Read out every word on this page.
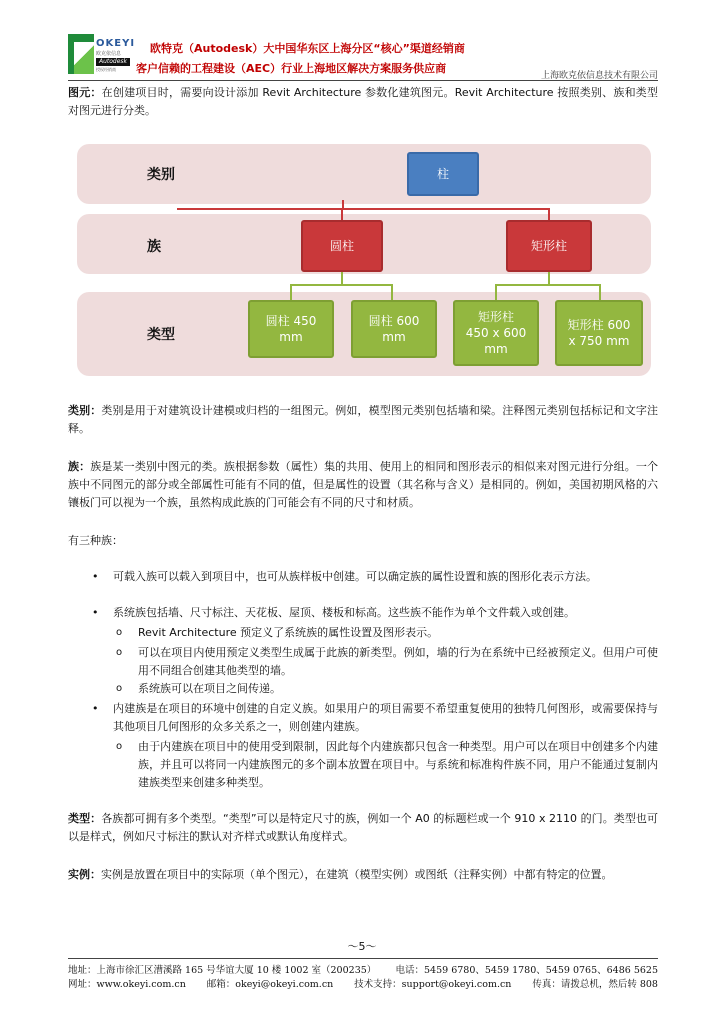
OKEYI
欧克依信息
Autodesk
授权经销商
欧特克（Autodesk）大中国华东区上海分区“核心”渠道经销商
客户信赖的工程建设（AEC）行业上海地区解决方案服务供应商
上海欧克依信息技术有限公司
图元：在创建项目时，需要向设计添加 Revit Architecture 参数化建筑图元。Revit Architecture 按照类别、族和类型对图元进行分类。
类别
族
类型
柱
圆柱	矩形柱
圆柱 450 mm
圆柱 600 mm
矩形柱 450 x 600 mm
矩形柱 600 x 750 mm
类别：类别是用于对建筑设计建模或归档的一组图元。例如，模型图元类别包括墙和梁。注释图元类别包括标记和文字注释。
族：族是某一类别中图元的类。族根据参数（属性）集的共用、使用上的相同和图形表示的相似来对图元进行分组。一个族中不同图元的部分或全部属性可能有不同的值，但是属性的设置（其名称与含义）是相同的。例如，美国初期风格的六镶板门可以视为一个族，虽然构成此族的门可能会有不同的尺寸和材质。
有三种族：
•	可载入族可以载入到项目中，也可从族样板中创建。可以确定族的属性设置和族的图形化表示方法。
•	系统族包括墙、尺寸标注、天花板、屋顶、楼板和标高。这些族不能作为单个文件载入或创建。
o	Revit Architecture 预定义了系统族的属性设置及图形表示。
o	可以在项目内使用预定义类型生成属于此族的新类型。例如，墙的行为在系统中已经被预定义。但用户可使用不同组合创建其他类型的墙。
o	系统族可以在项目之间传递。
•	内建族是在项目的环境中创建的自定义族。如果用户的项目需要不希望重复使用的独特几何图形，或需要保持与其他项目几何图形的众多关系之一，则创建内建族。
o	由于内建族在项目中的使用受到限制，因此每个内建族都只包含一种类型。用户可以在项目中创建多个内建族，并且可以将同一内建族图元的多个副本放置在项目中。与系统和标准构件族不同，用户不能通过复制内建族类型来创建多种类型。
类型：各族都可拥有多个类型。“类型”可以是特定尺寸的族，例如一个 A0 的标题栏或一个 910 x 2110 的门。类型也可以是样式，例如尺寸标注的默认对齐样式或默认角度样式。
实例：实例是放置在项目中的实际项（单个图元），在建筑（模型实例）或图纸（注释实例）中都有特定的位置。
～5～
地址：上海市徐汇区漕溪路 165 号华谊大厦 10 楼 1002 室（200235） 电话：5459 6780、5459 1780、5459 0765、6486 5625
网址：www.okeyi.com.cn 邮箱：okeyi@okeyi.com.cn 技术支持：support@okeyi.com.cn 传真：请拨总机，然后转 808
